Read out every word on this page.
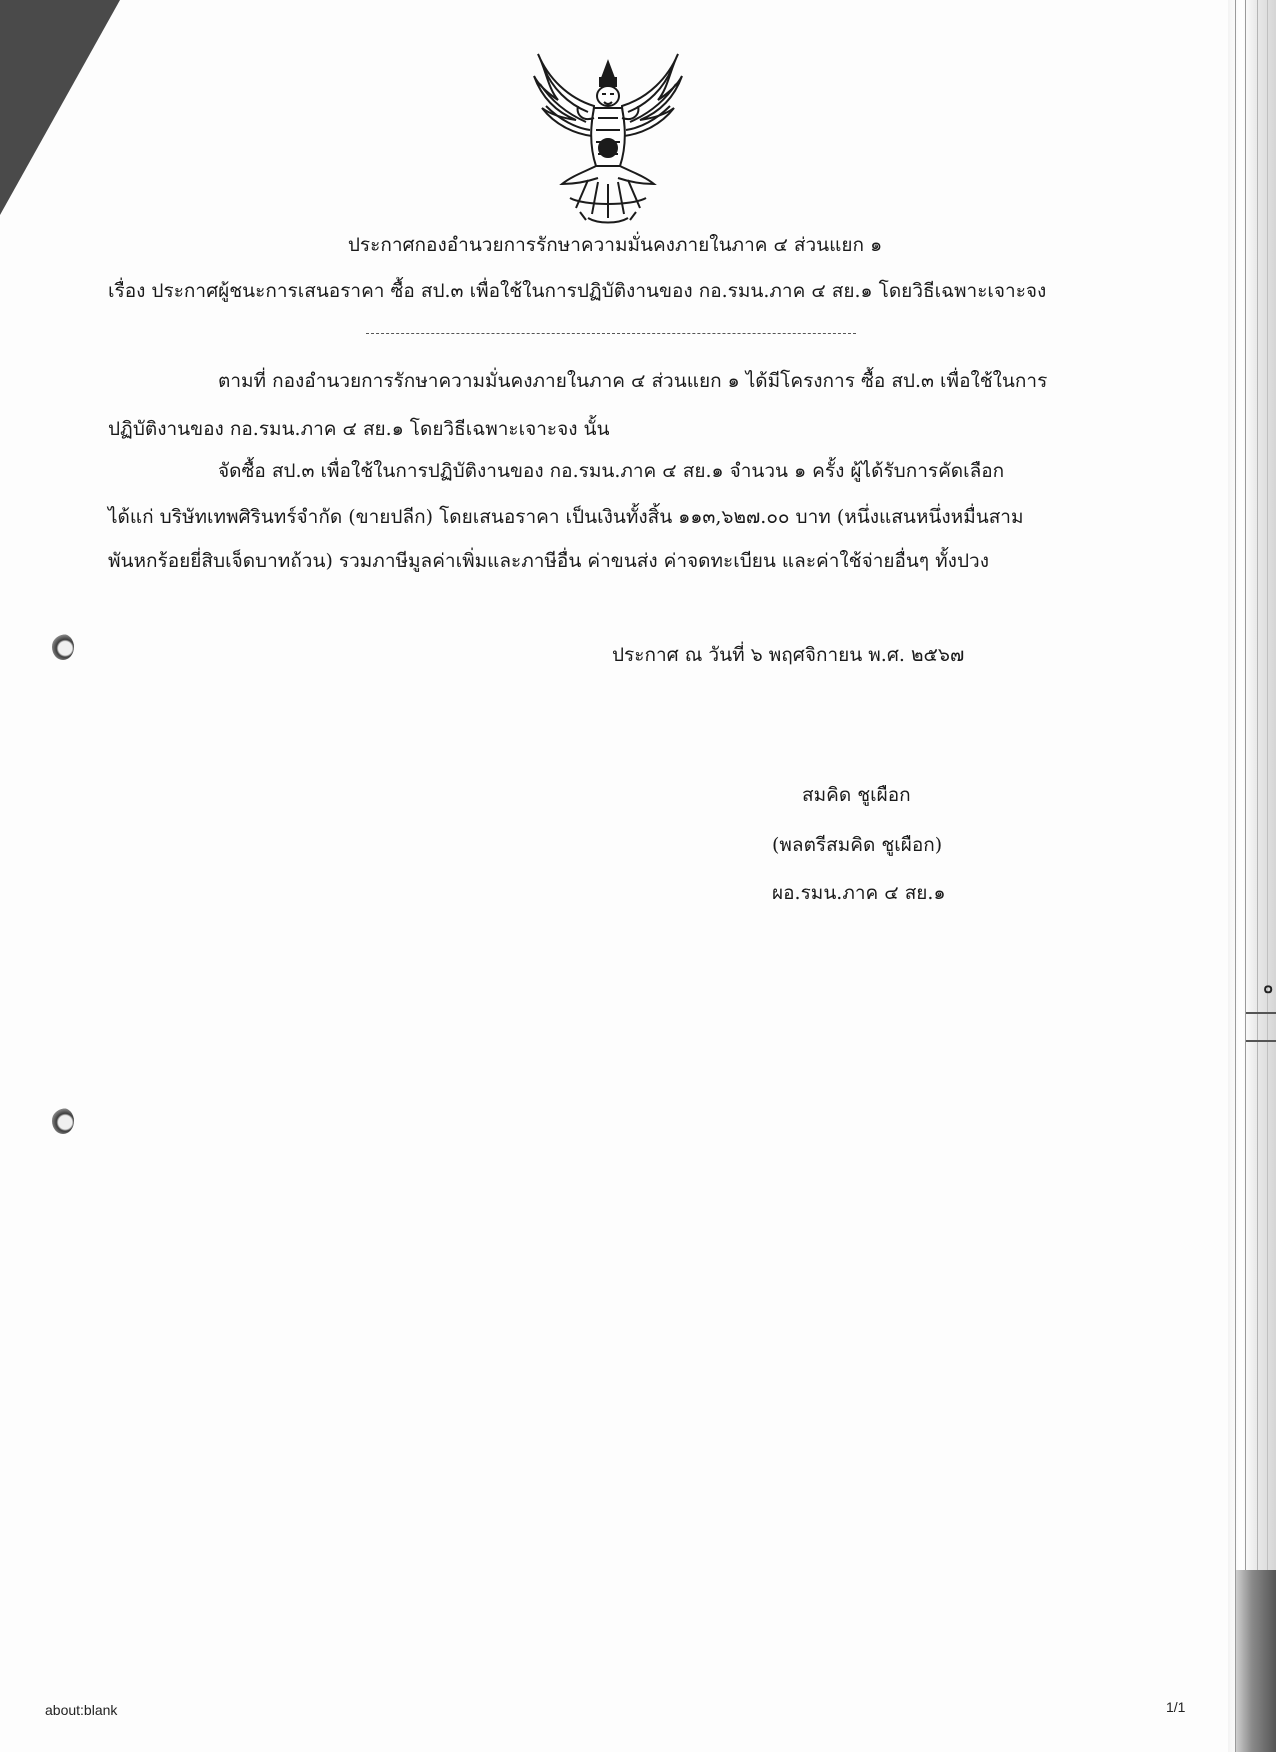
๐
ประกาศกองอำนวยการรักษาความมั่นคงภายในภาค ๔ ส่วนแยก ๑
เรื่อง ประกาศผู้ชนะการเสนอราคา ซื้อ สป.๓ เพื่อใช้ในการปฏิบัติงานของ กอ.รมน.ภาค ๔ สย.๑ โดยวิธีเฉพาะเจาะจง
ตามที่ กองอำนวยการรักษาความมั่นคงภายในภาค ๔ ส่วนแยก ๑ ได้มีโครงการ ซื้อ สป.๓ เพื่อใช้ในการ
ปฏิบัติงานของ กอ.รมน.ภาค ๔ สย.๑ โดยวิธีเฉพาะเจาะจง นั้น
จัดซื้อ สป.๓ เพื่อใช้ในการปฏิบัติงานของ กอ.รมน.ภาค ๔ สย.๑ จำนวน ๑ ครั้ง ผู้ได้รับการคัดเลือก
ได้แก่ บริษัทเทพศิรินทร์จำกัด (ขายปลีก) โดยเสนอราคา เป็นเงินทั้งสิ้น ๑๑๓,๖๒๗.๐๐ บาท (หนึ่งแสนหนึ่งหมื่นสาม
พันหกร้อยยี่สิบเจ็ดบาทถ้วน) รวมภาษีมูลค่าเพิ่มและภาษีอื่น ค่าขนส่ง ค่าจดทะเบียน และค่าใช้จ่ายอื่นๆ ทั้งปวง
ประกาศ ณ วันที่ ๖ พฤศจิกายน พ.ศ. ๒๕๖๗
สมคิด ชูเผือก
(พลตรีสมคิด ชูเผือก)
ผอ.รมน.ภาค ๔ สย.๑
about:blank	1/1
